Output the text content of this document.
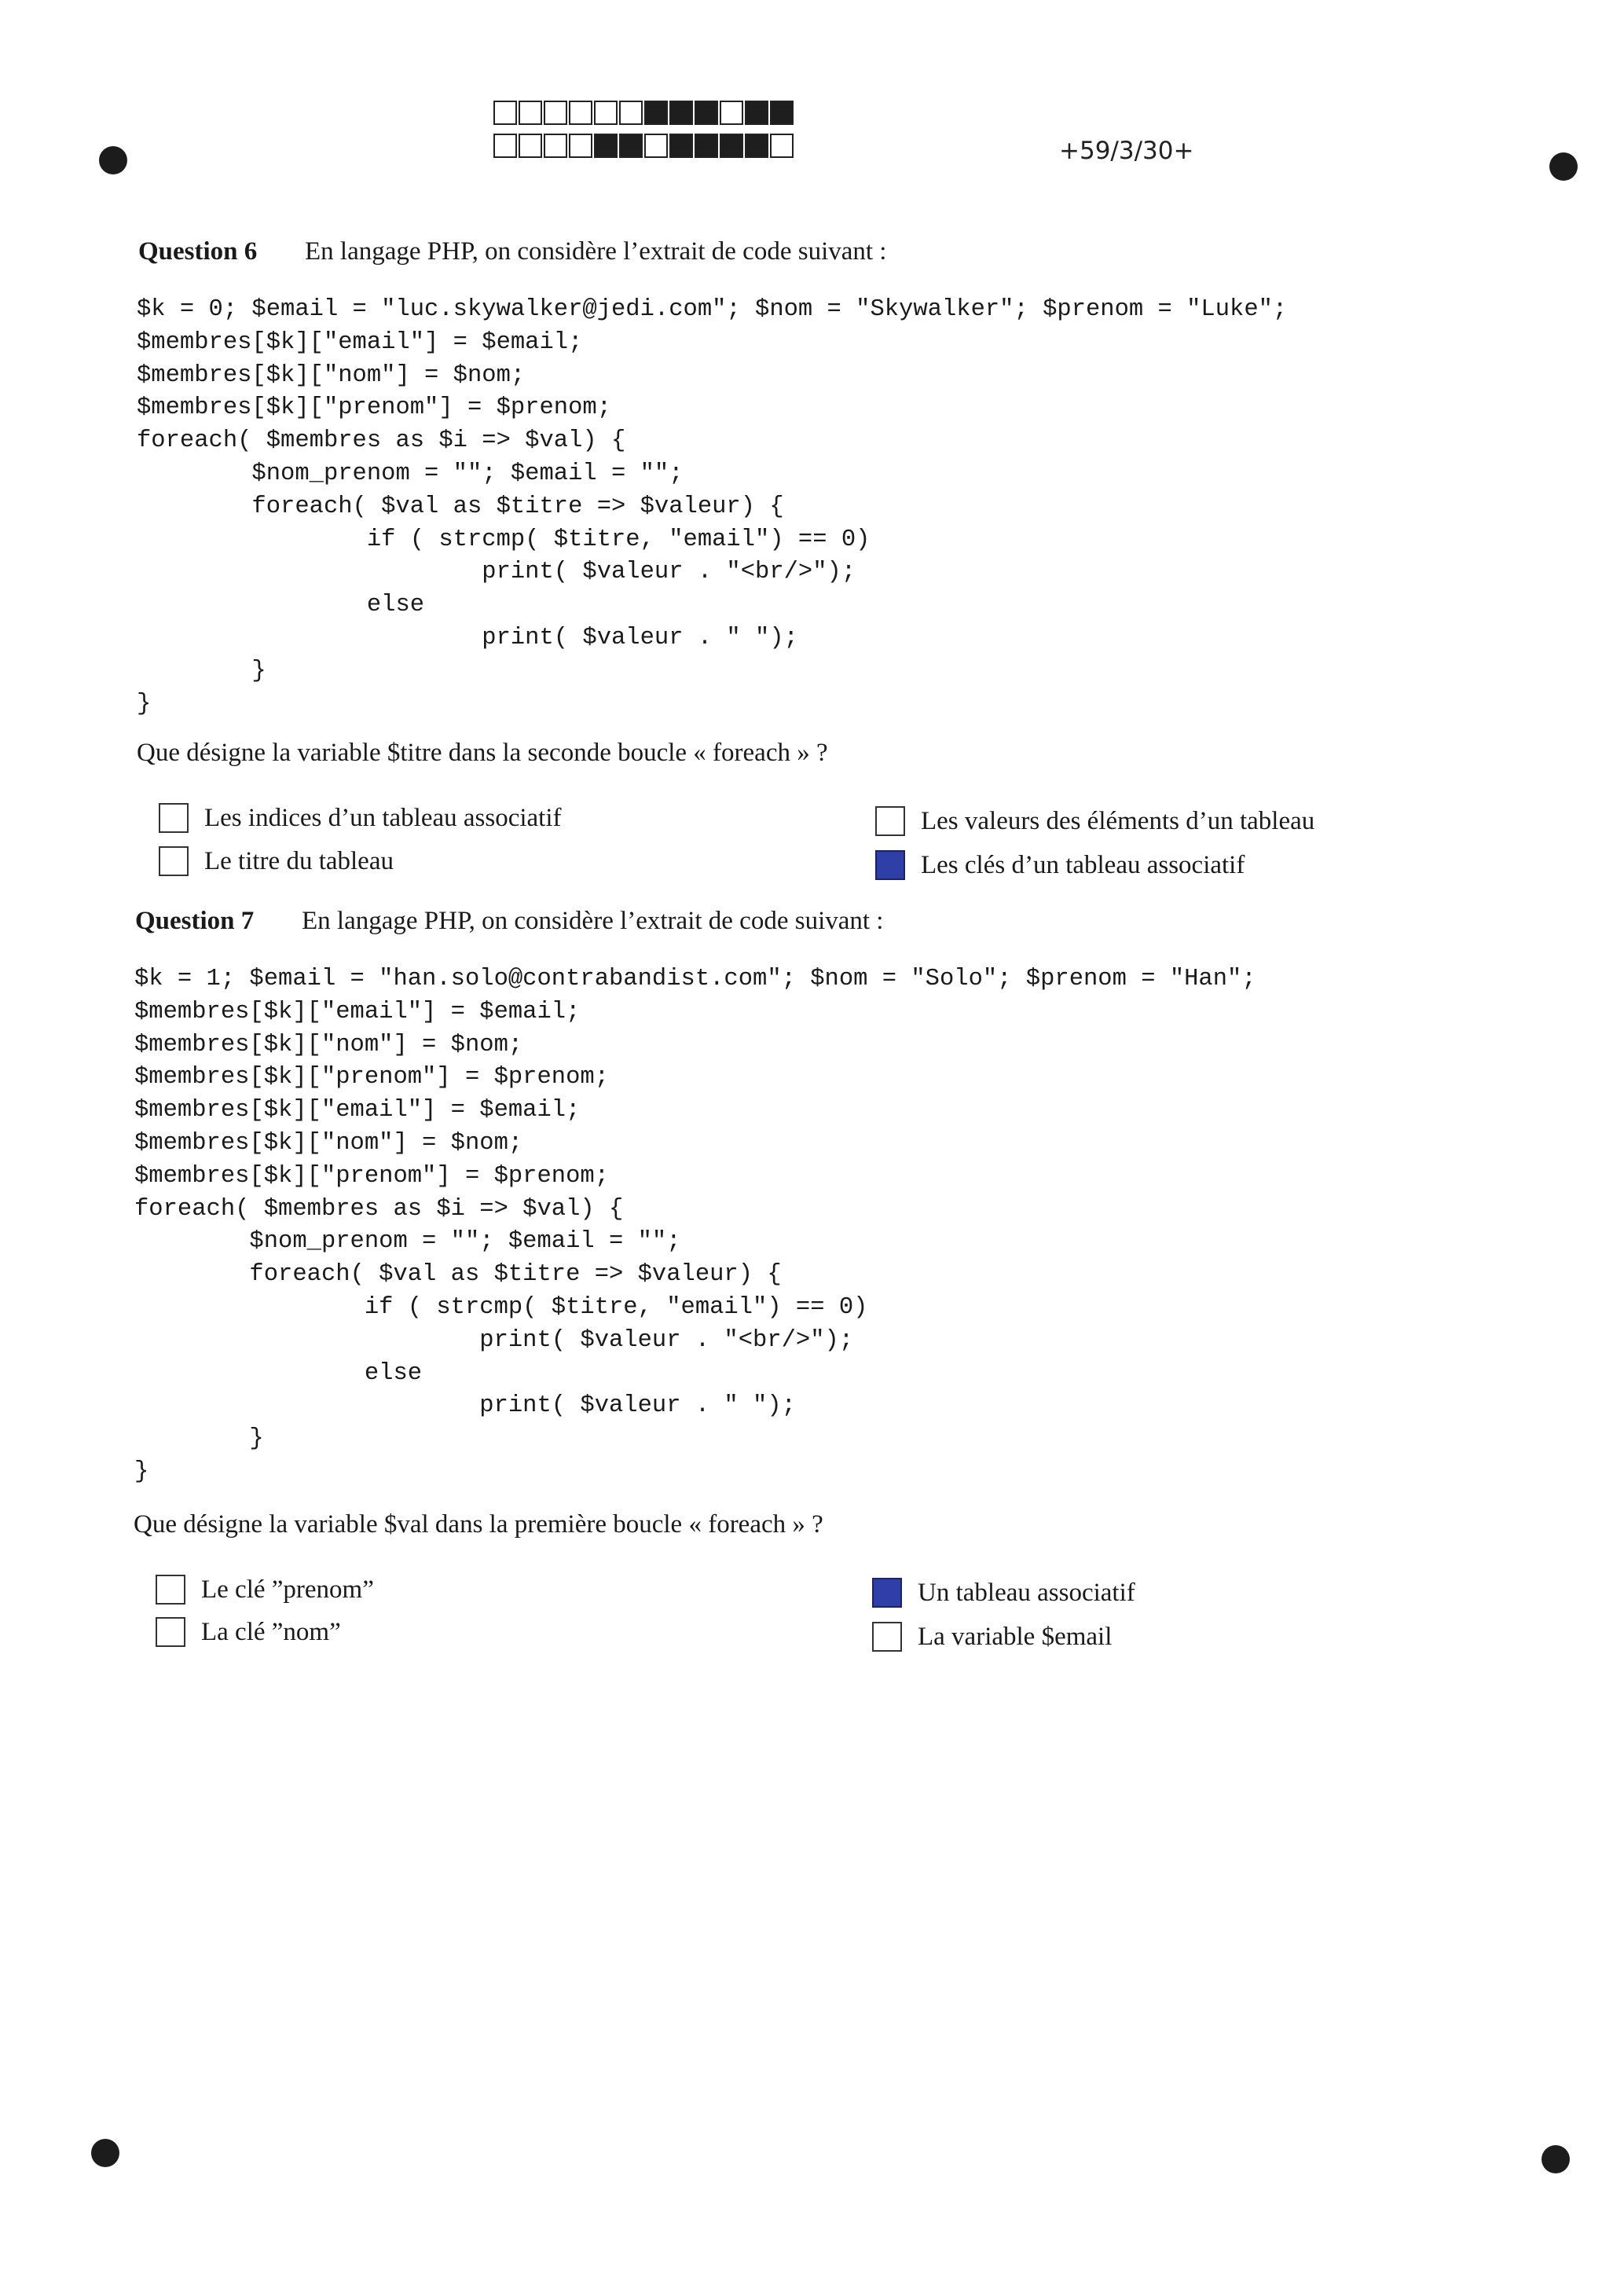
+59/3/30+
Question 6 En langage PHP, on considère l’extrait de code suivant :
$k = 0; $email = "luc.skywalker@jedi.com"; $nom = "Skywalker"; $prenom = "Luke";
$membres[$k]["email"] = $email;
$membres[$k]["nom"] = $nom;
$membres[$k]["prenom"] = $prenom;
foreach( $membres as $i => $val) {
$nom_prenom = ""; $email = "";
foreach( $val as $titre => $valeur) {
if ( strcmp( $titre, "email") == 0)
print( $valeur . "<br/>");
else
print( $valeur . " ");
}
}
Que désigne la variable $titre dans la seconde boucle « foreach » ?
Les indices d’un tableau associatif
Le titre du tableau
Les valeurs des éléments d’un tableau
Les clés d’un tableau associatif
Question 7 En langage PHP, on considère l’extrait de code suivant :
$k = 1; $email = "han.solo@contrabandist.com"; $nom = "Solo"; $prenom = "Han";
$membres[$k]["email"] = $email;
$membres[$k]["nom"] = $nom;
$membres[$k]["prenom"] = $prenom;
$membres[$k]["email"] = $email;
$membres[$k]["nom"] = $nom;
$membres[$k]["prenom"] = $prenom;
foreach( $membres as $i => $val) {
$nom_prenom = ""; $email = "";
foreach( $val as $titre => $valeur) {
if ( strcmp( $titre, "email") == 0)
print( $valeur . "<br/>");
else
print( $valeur . " ");
}
}
Que désigne la variable $val dans la première boucle « foreach » ?
Le clé ”prenom”
La clé ”nom”
Un tableau associatif
La variable $email
